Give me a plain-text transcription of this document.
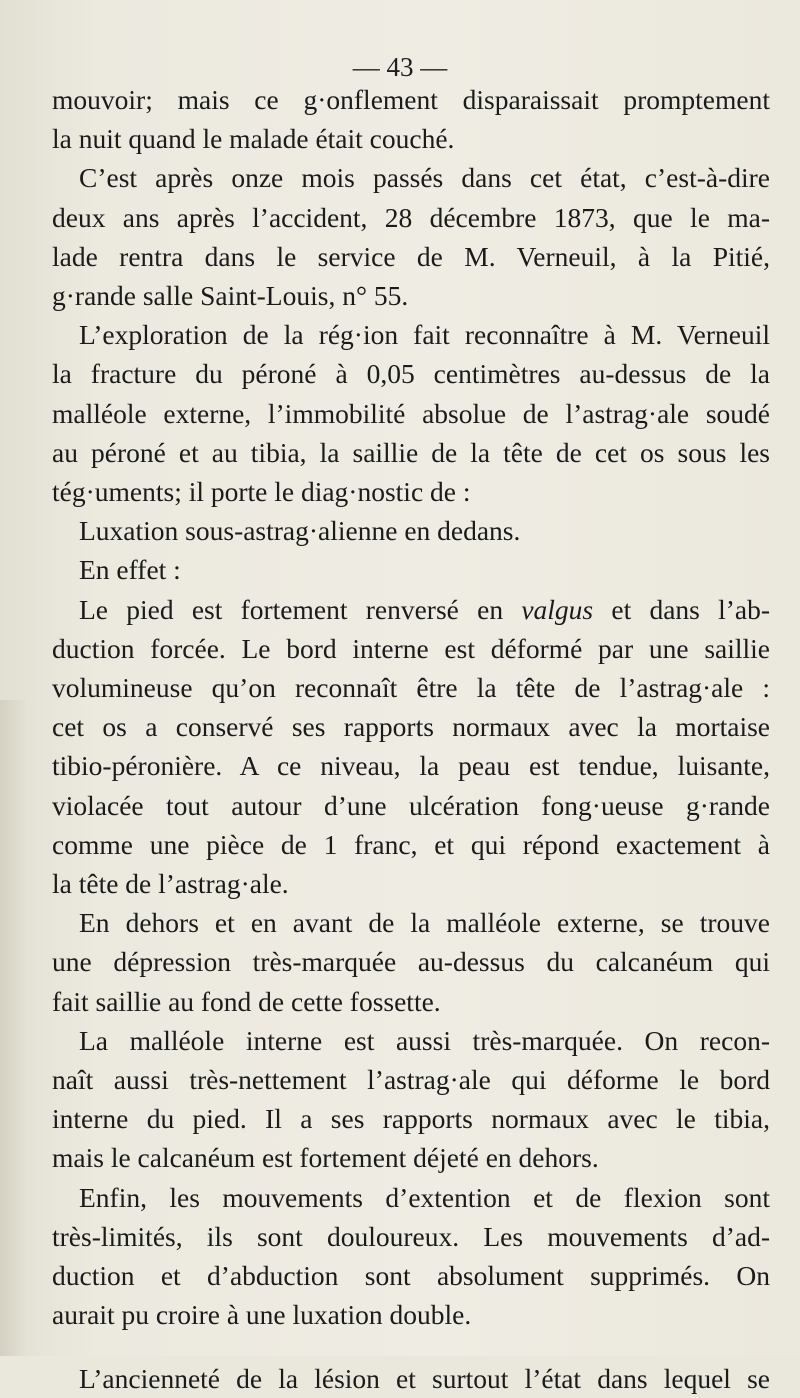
— 43 —

mouvoir; mais ce g·onflement disparaissait promptement

la nuit quand le malade était couché.

C’est après onze mois passés dans cet état, c’est-à-dire

deux ans après l’accident, 28 décembre 1873, que le ma-

lade rentra dans le service de M. Verneuil, à la Pitié,

g·rande salle Saint-Louis, n° 55.

L’exploration de la rég·ion fait reconnaître à M. Verneuil

la fracture du péroné à 0,05 centimètres au-dessus de la

malléole externe, l’immobilité absolue de l’astrag·ale soudé

au péroné et au tibia, la saillie de la tête de cet os sous les

tég·uments; il porte le diag·nostic de :

Luxation sous-astrag·alienne en dedans.

En effet :

Le pied est fortement renversé en valgus et dans l’ab-

duction forcée. Le bord interne est déformé par une saillie

volumineuse qu’on reconnaît être la tête de l’astrag·ale :

cet os a conservé ses rapports normaux avec la mortaise

tibio-péronière. A ce niveau, la peau est tendue, luisante,

violacée tout autour d’une ulcération fong·ueuse g·rande

comme une pièce de 1 franc, et qui répond exactement à

la tête de l’astrag·ale.

En dehors et en avant de la malléole externe, se trouve

une dépression très-marquée au-dessus du calcanéum qui

fait saillie au fond de cette fossette.

La malléole interne est aussi très-marquée. On recon-

naît aussi très-nettement l’astrag·ale qui déforme le bord

interne du pied. Il a ses rapports normaux avec le tibia,

mais le calcanéum est fortement déjeté en dehors.

Enfin, les mouvements d’extention et de flexion sont

très-limités, ils sont douloureux. Les mouvements d’ad-

duction et d’abduction sont absolument supprimés. On

aurait pu croire à une luxation double.

L’ancienneté de la lésion et surtout l’état dans lequel se
